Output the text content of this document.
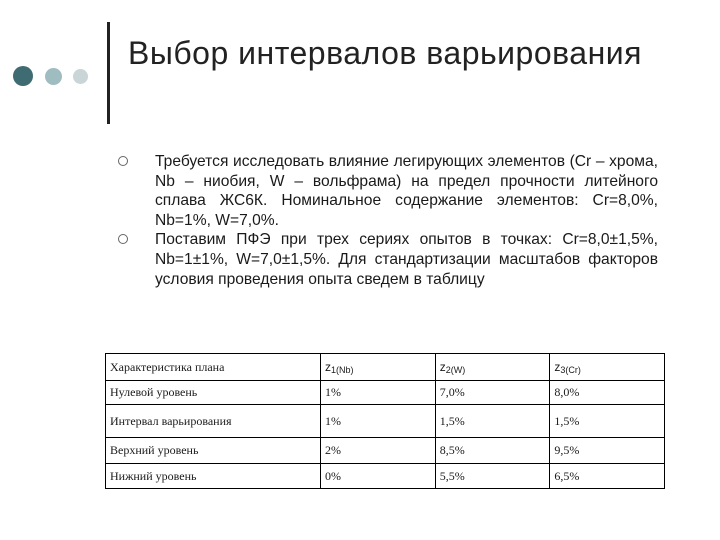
Выбор интервалов варьирования
Требуется исследовать влияние легирующих элементов (Cr – хрома, Nb – ниобия, W – вольфрама) на предел прочности литейного сплава ЖС6К. Номинальное содержание элементов: Cr=8,0%, Nb=1%, W=7,0%.
Поставим ПФЭ при трех сериях опытов в точках: Cr=8,0±1,5%, Nb=1±1%, W=7,0±1,5%. Для стандартизации масштабов факторов условия проведения опыта сведем в таблицу
Характеристика плана	$z_{1(Nb)}$	$z_{2(W)}$	$z_{3(Cr)}$
Нулевой уровень	1%	7,0%	8,0%
Интервал варьирования	1%	1,5%	1,5%
Верхний уровень	2%	8,5%	9,5%
Нижний уровень	0%	5,5%	6,5%
